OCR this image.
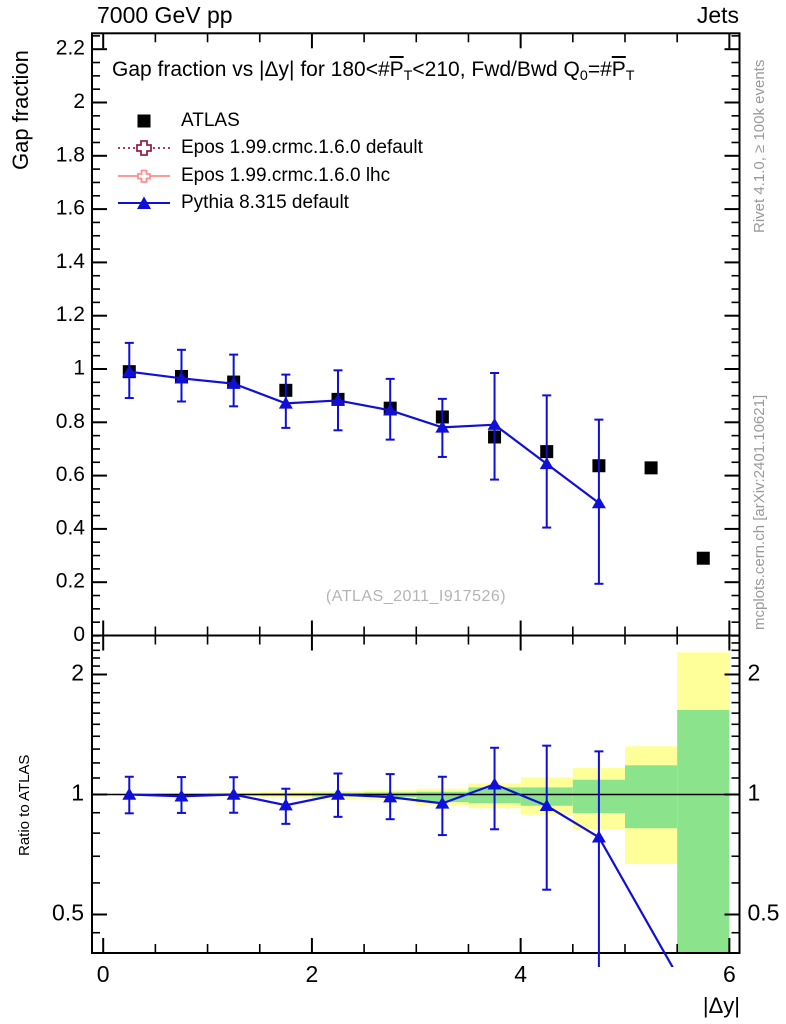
0
0.2
0.4
0.6
0.8
1
1.2
1.4
1.6
1.8
2
2.2
0	2	4	6
2	2
1	1
0.5	0.5
7000 GeV pp	Jets
Gap fraction
Ratio to ATLAS
|Δy|
Gap fraction vs |Δy| for $180<\#\overline{P}_T<210$, Fwd/Bwd $Q_0=\#\overline{P}_T$
ATLAS
Epos 1.99.crmc.1.6.0 default
Epos 1.99.crmc.1.6.0 lhc
Pythia 8.315 default
(ATLAS_2011_I917526)
Rivet 4.1.0, ≥ 100k events
mcplots.cern.ch [arXiv:2401.10621]
